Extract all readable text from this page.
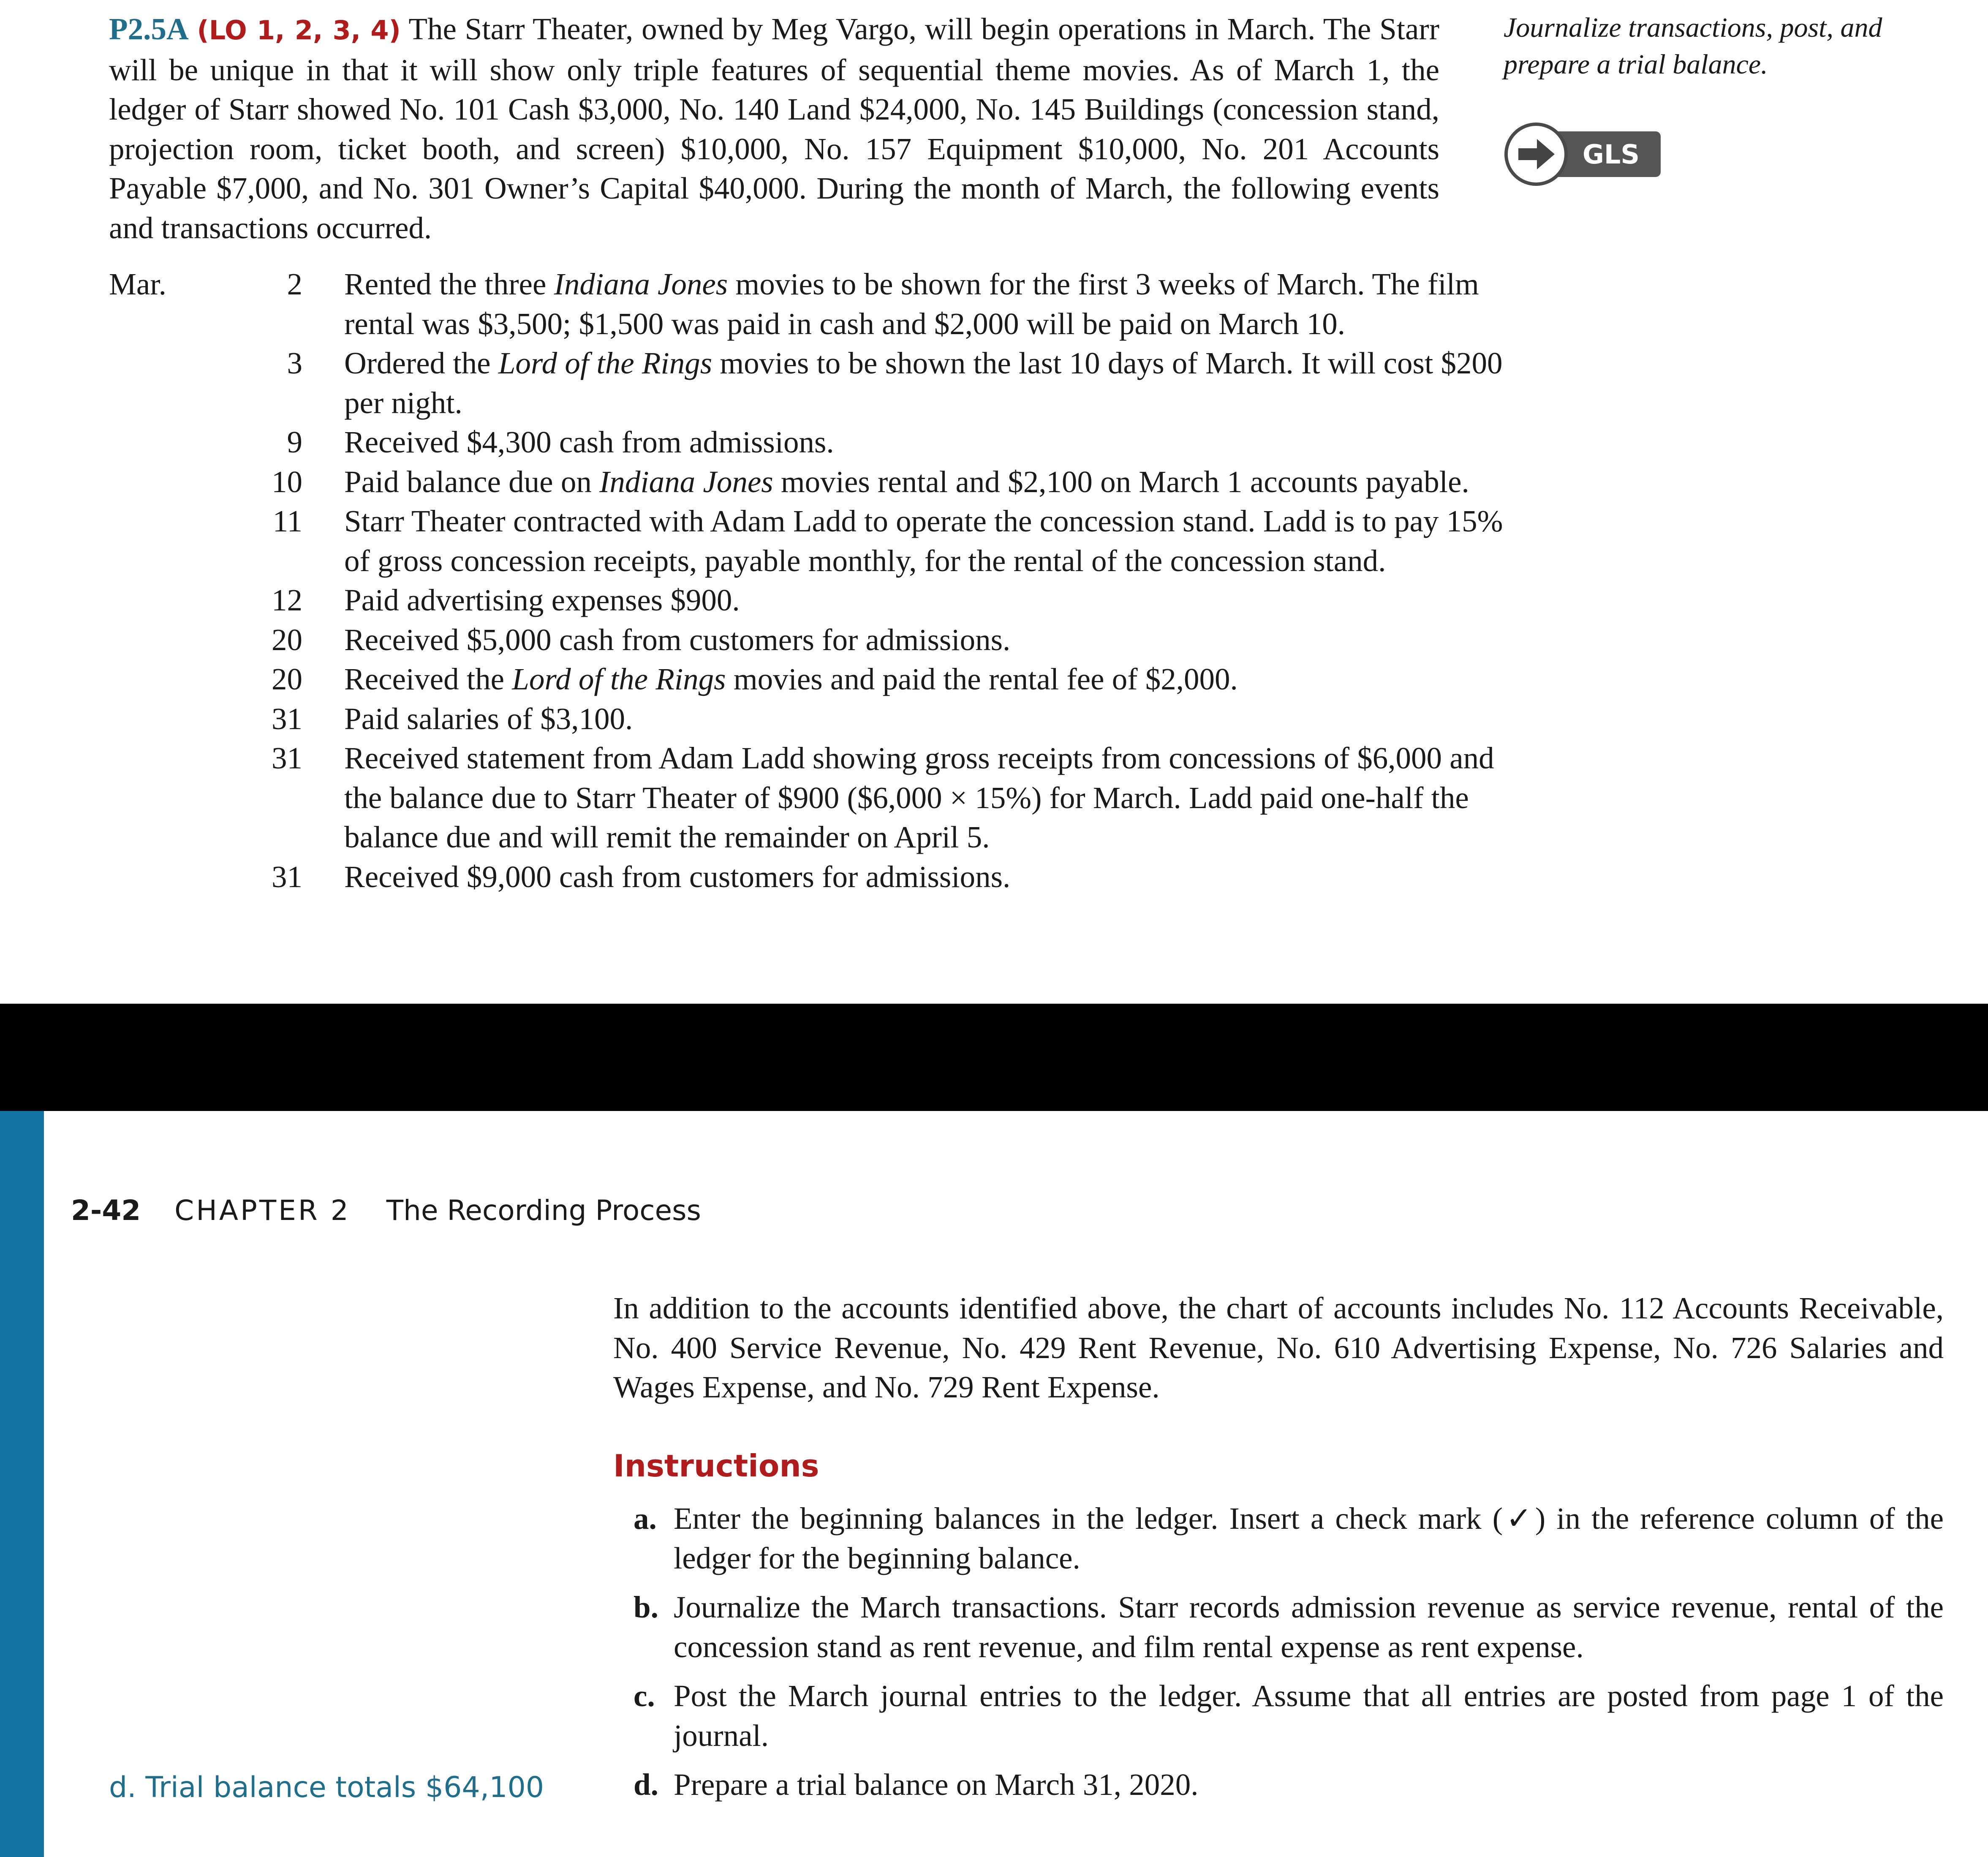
P2.5A (LO 1, 2, 3, 4) The Starr Theater, owned by Meg Vargo, will begin operations in March. The Starr will be unique in that it will show only triple features of sequential theme movies. As of March 1, the ledger of Starr showed No. 101 Cash $3,000, No. 140 Land $24,000, No. 145 Buildings (concession stand, projection room, ticket booth, and screen) $10,000, No. 157 Equipment $10,000, No. 201 Accounts Payable $7,000, and No. 301 Owner’s Capital $40,000. During the month of March, the following events and transactions occurred.

Journalize transactions, post, and prepare a trial balance.

GLS
Mar.	2 Rented the three Indiana Jones movies to be shown for the first 3 weeks of March. The film rental was $3,500; $1,500 was paid in cash and $2,000 will be paid on March 10.
3 Ordered the Lord of the Rings movies to be shown the last 10 days of March. It will cost $200 per night.
9 Received $4,300 cash from admissions.
10 Paid balance due on Indiana Jones movies rental and $2,100 on March 1 accounts payable.
11 Starr Theater contracted with Adam Ladd to operate the concession stand. Ladd is to pay 15% of gross concession receipts, payable monthly, for the rental of the concession stand.
12 Paid advertising expenses $900.
20 Received $5,000 cash from customers for admissions.
20 Received the Lord of the Rings movies and paid the rental fee of $2,000.
31 Paid salaries of $3,100.
31 Received statement from Adam Ladd showing gross receipts from concessions of $6,000 and the balance due to Starr Theater of $900 ($6,000 × 15%) for March. Ladd paid one-half the balance due and will remit the remainder on April 5.
31 Received $9,000 cash from customers for admissions.
2-42 CHAPTER 2 The Recording Process

In addition to the accounts identified above, the chart of accounts includes No. 112 Accounts Receivable, No. 400 Service Revenue, No. 429 Rent Revenue, No. 610 Advertising Expense, No. 726 Salaries and Wages Expense, and No. 729 Rent Expense.

Instructions
a. Enter the beginning balances in the ledger. Insert a check mark (✓) in the reference column of the ledger for the beginning balance.
b. Journalize the March transactions. Starr records admission revenue as service revenue, rental of the concession stand as rent revenue, and film rental expense as rent expense.
c. Post the March journal entries to the ledger. Assume that all entries are posted from page 1 of the journal.
d. Prepare a trial balance on March 31, 2020.
d. Trial balance totals $64,100
